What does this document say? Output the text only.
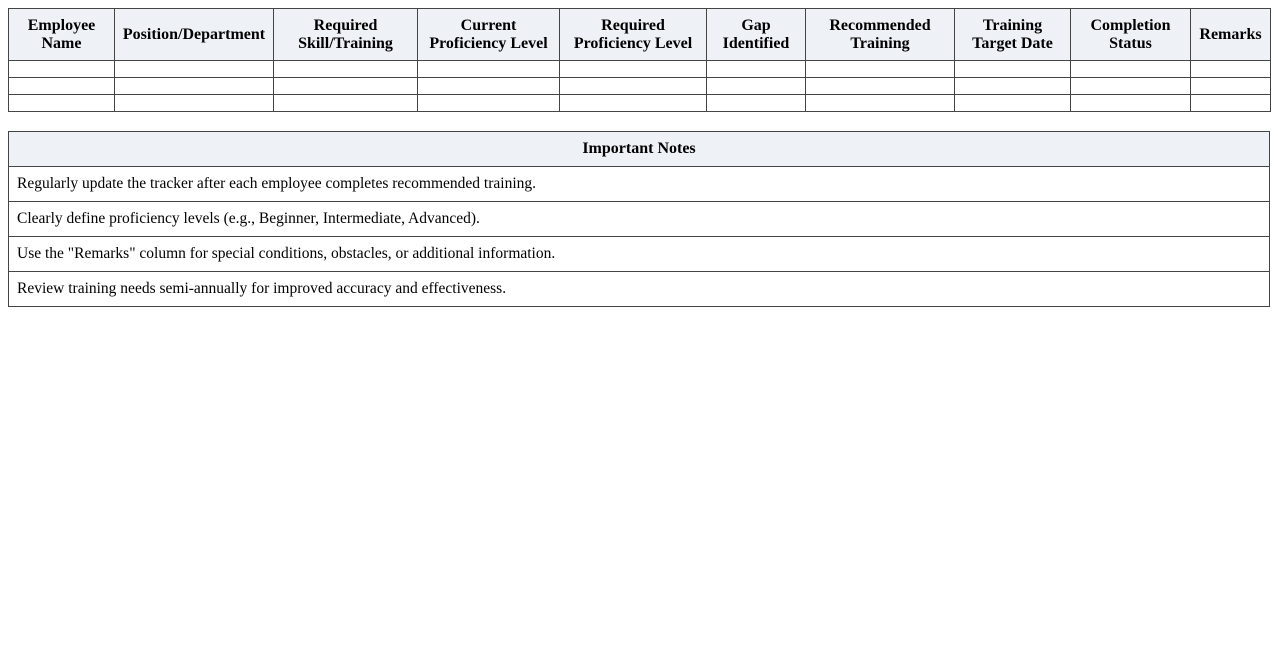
Employee Name	Position/Department	Required Skill/Training	Current Proficiency Level	Required Proficiency Level	Gap Identified	Recommended Training	Training Target Date	Completion Status	Remarks

Important Notes
Regularly update the tracker after each employee completes recommended training.
Clearly define proficiency levels (e.g., Beginner, Intermediate, Advanced).
Use the "Remarks" column for special conditions, obstacles, or additional information.
Review training needs semi-annually for improved accuracy and effectiveness.
